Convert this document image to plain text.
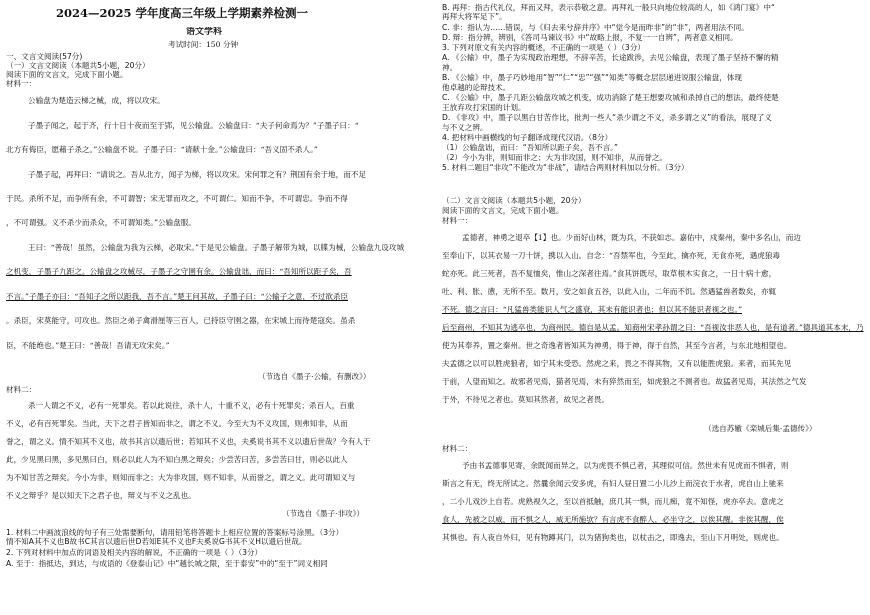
2024—2025 学年度高三年级上学期素养检测一
语文学科
考试时间：150 分钟
一、文言文阅读(57分)
（一）文言文阅读（本题共5小题，20分）
阅读下面的文言文，完成下面小题。
材料一：
公输盘为楚造云梯之械，成，将以攻宋。
子墨子闻之，起于齐，行十日十夜而至于郢，见公输盘。公输盘曰：“夫子何命焉为？”子墨子曰：“
北方有侮臣，愿藉子杀之。”公输盘不说。子墨子曰：“请献十金。”公输盘曰：“吾义固不杀人。”
子墨子起，再拜曰：“请说之。吾从北方，闻子为梯，将以攻宋。宋何罪之有？荆国有余于地，而不足
于民。杀所不足，而争所有余，不可谓智；宋无罪而攻之，不可谓仁。知而不争，不可谓忠。争而不得
，不可谓强。义不杀少而杀众，不可谓知类。”公输盘服。
王曰：“善哉！虽然，公输盘为我为云梯，必取宋。”于是见公输盘。子墨子解带为城，以牒为械，公输盘九设攻城
之机变，子墨子九距之。公输盘之攻械尽，子墨子之守圉有余。公输盘诎，而曰：“吾知所以距子矣，吾
不言。”子墨子亦曰：“吾知子之所以距我，吾不言。”楚王问其故，子墨子曰：“公输子之意，不过欲杀臣
。杀臣，宋莫能守，可攻也。然臣之弟子禽滑厘等三百人，已持臣守圉之器，在宋城上而待楚寇矣。虽杀
臣，不能绝也。”楚王曰：“善哉！吾请无攻宋矣。”
（节选自《墨子·公输，有删改》）
材料二：
杀一人谓之不义，必有一死罪矣。若以此说往，杀十人，十重不义，必有十死罪矣；杀百人，百重
不义，必有百死罪矣。当此，天下之君子皆知而非之，谓之不义。今至大为不义攻国，则弗知非，从而
誉之，谓之义。情不知其不义也，故书其言以遗后世；若知其不义也，夫奚说书其不义以遗后世哉？今有人于
此，少见黑曰黑，多见黑曰白，则必以此人为不知白黑之辩矣；少尝苦曰苦，多尝苦曰甘，则必以此人
为不知甘苦之辩矣。今小为非，则知而非之；大为非攻国，则不知非，从而誉之，谓之义。此可谓知义与
不义之辩乎？是以知天下之君子也，辩义与不义之乱也。
（节选自《墨子·非攻》）
1. 材料二中画波浪线的句子有三处需要断句，请用铅笔将答题卡上相应位置的答案标号涂黑。（3分）
情不知A其不义也B故书C其言以遗后世D若知E其不义也F夫奚说G书其不义H以遗后世哉。
2. 下列对材料中加点的词语及相关内容的解说，不正确的一项是（ ）（3分）
A. 至于：指抵达，到达，与成语的《登泰山记》中“越长城之限，至于泰安”中的“至于”词义相同
B. 再拜：指古代礼仪，拜而又拜，表示恭敬之意。再拜礼一般只向地位较高的人，如《鸿门宴》中“
再拜大将军足下”。
C. 非：指认为……错误，与《归去来兮辞并序》中“觉今是而昨非”的“非”，两者用法不同。
D. 辩：指分辨，辨别，《答司马谏议书》中“故略上报，不复一一自辨”，两者意义相同。
3. 下列对原文有关内容的概述，不正确的一项是（ ）（3分）
A. 《公输》中，墨子为实现政治理想，不辞辛苦，长途跋涉，去见公输盘，表现了墨子坚持不懈的精
神。
B. 《公输》中，墨子巧妙地用“智”“仁”“忠”“强”“知类”等概念层层递进说服公输盘，体现
他卓越的论辩技术。
C. 《公输》中，墨子几距公输盘攻城之机变，成功消除了楚王想要攻城和杀掉自己的想法，最终使楚
王放弃攻打宋国的计划。
D. 《非攻》中，墨子以黑白甘苦作比，批判一些人“杀少谓之不义，杀多谓之义”的看法，展现了义
与不义之辨。
4. 把材料中画横线的句子翻译成现代汉语。（8分）
（1）公输盘诎，而曰：“吾知所以距子矣，吾不言。”
（2）今小为非，则知而非之；大为非攻国，则不知非，从而誉之。
5. 材料二题目“非攻”不能改为“非战”，请结合两则材料加以分析。（3分）
（二）文言文阅读（本题共5小题，20分）
阅读下面的文言文，完成下面小题。
材料一：
孟德者，神勇之退卒【1】也。少而好山林，既为兵，不获如志。嘉佑中，戍秦州，秦中多名山，而边
至奉山下，以其衣易一刀十饼，携以入山。自念：“吾禁军也，今至此，擒亦死，无食亦死，遇虎狼毒
蛇亦死。此三死者，吾不复恤矣，惟山之深者往焉。”食其饼既尽，取草根木实食之，一日十病十愈，
吐、利、胀、懑，无所不至。数月，安之如食五谷，以此入山，二年而不饥。然遇猛兽者数矣，亦辄
不死。德之言曰：“凡猛兽类能识人气之盛衰，其未有能识者也；但以其不能识者视之也。”
后至商州，不知其为逃卒也，为商州民。德自是从孟。知商州宋孝孙谓之曰：“吾视汝非恶人也，是有道者。”德具道其本末，乃
使为其奉养，置之秦州。世之奇逸者皆知其为神勇，得于神，得于自然，其至今言者，与东北地相望也。
夫孟德之以可以胜虎狼者，如宁其未受恐。然虎之来，畏之不得其物，又有以能胜虎狼。来者，而其先见
于前，人望而知之。故邪者见焉，猫者见焉，未有猝然而至，如虎狼之不测者也。故猛者见焉，其法然之气发
于外，不待见之者也。莫知其然者，故见之者畏。
（选自苏辙《栾城后集·孟德传》）
材料二：
予由书孟德事见寄，余既闻而异之，以为虎畏不惧己者，其理似可信。然世未有见虎而不惧者，则
斯言之有无，终无所试之。然曩余闻云安多虎，有妇人昼日置二小儿沙上而浣衣于水者，虎自山上驰来
，二小儿戏沙上自若。虎熟视久之，至以首抵触，庶几其一惧，而儿痴，竟不知怪，虎亦卒去。意虎之
食人，先被之以威，而不惧之人，威无所施欤？有言虎不食醉人，必坐守之，以俟其醒。非俟其醒，俟
其惧也。有人夜自外归，见有物蹲其门，以为猪狗类也，以杖击之，即逸去，至山下月明处，则虎也。
